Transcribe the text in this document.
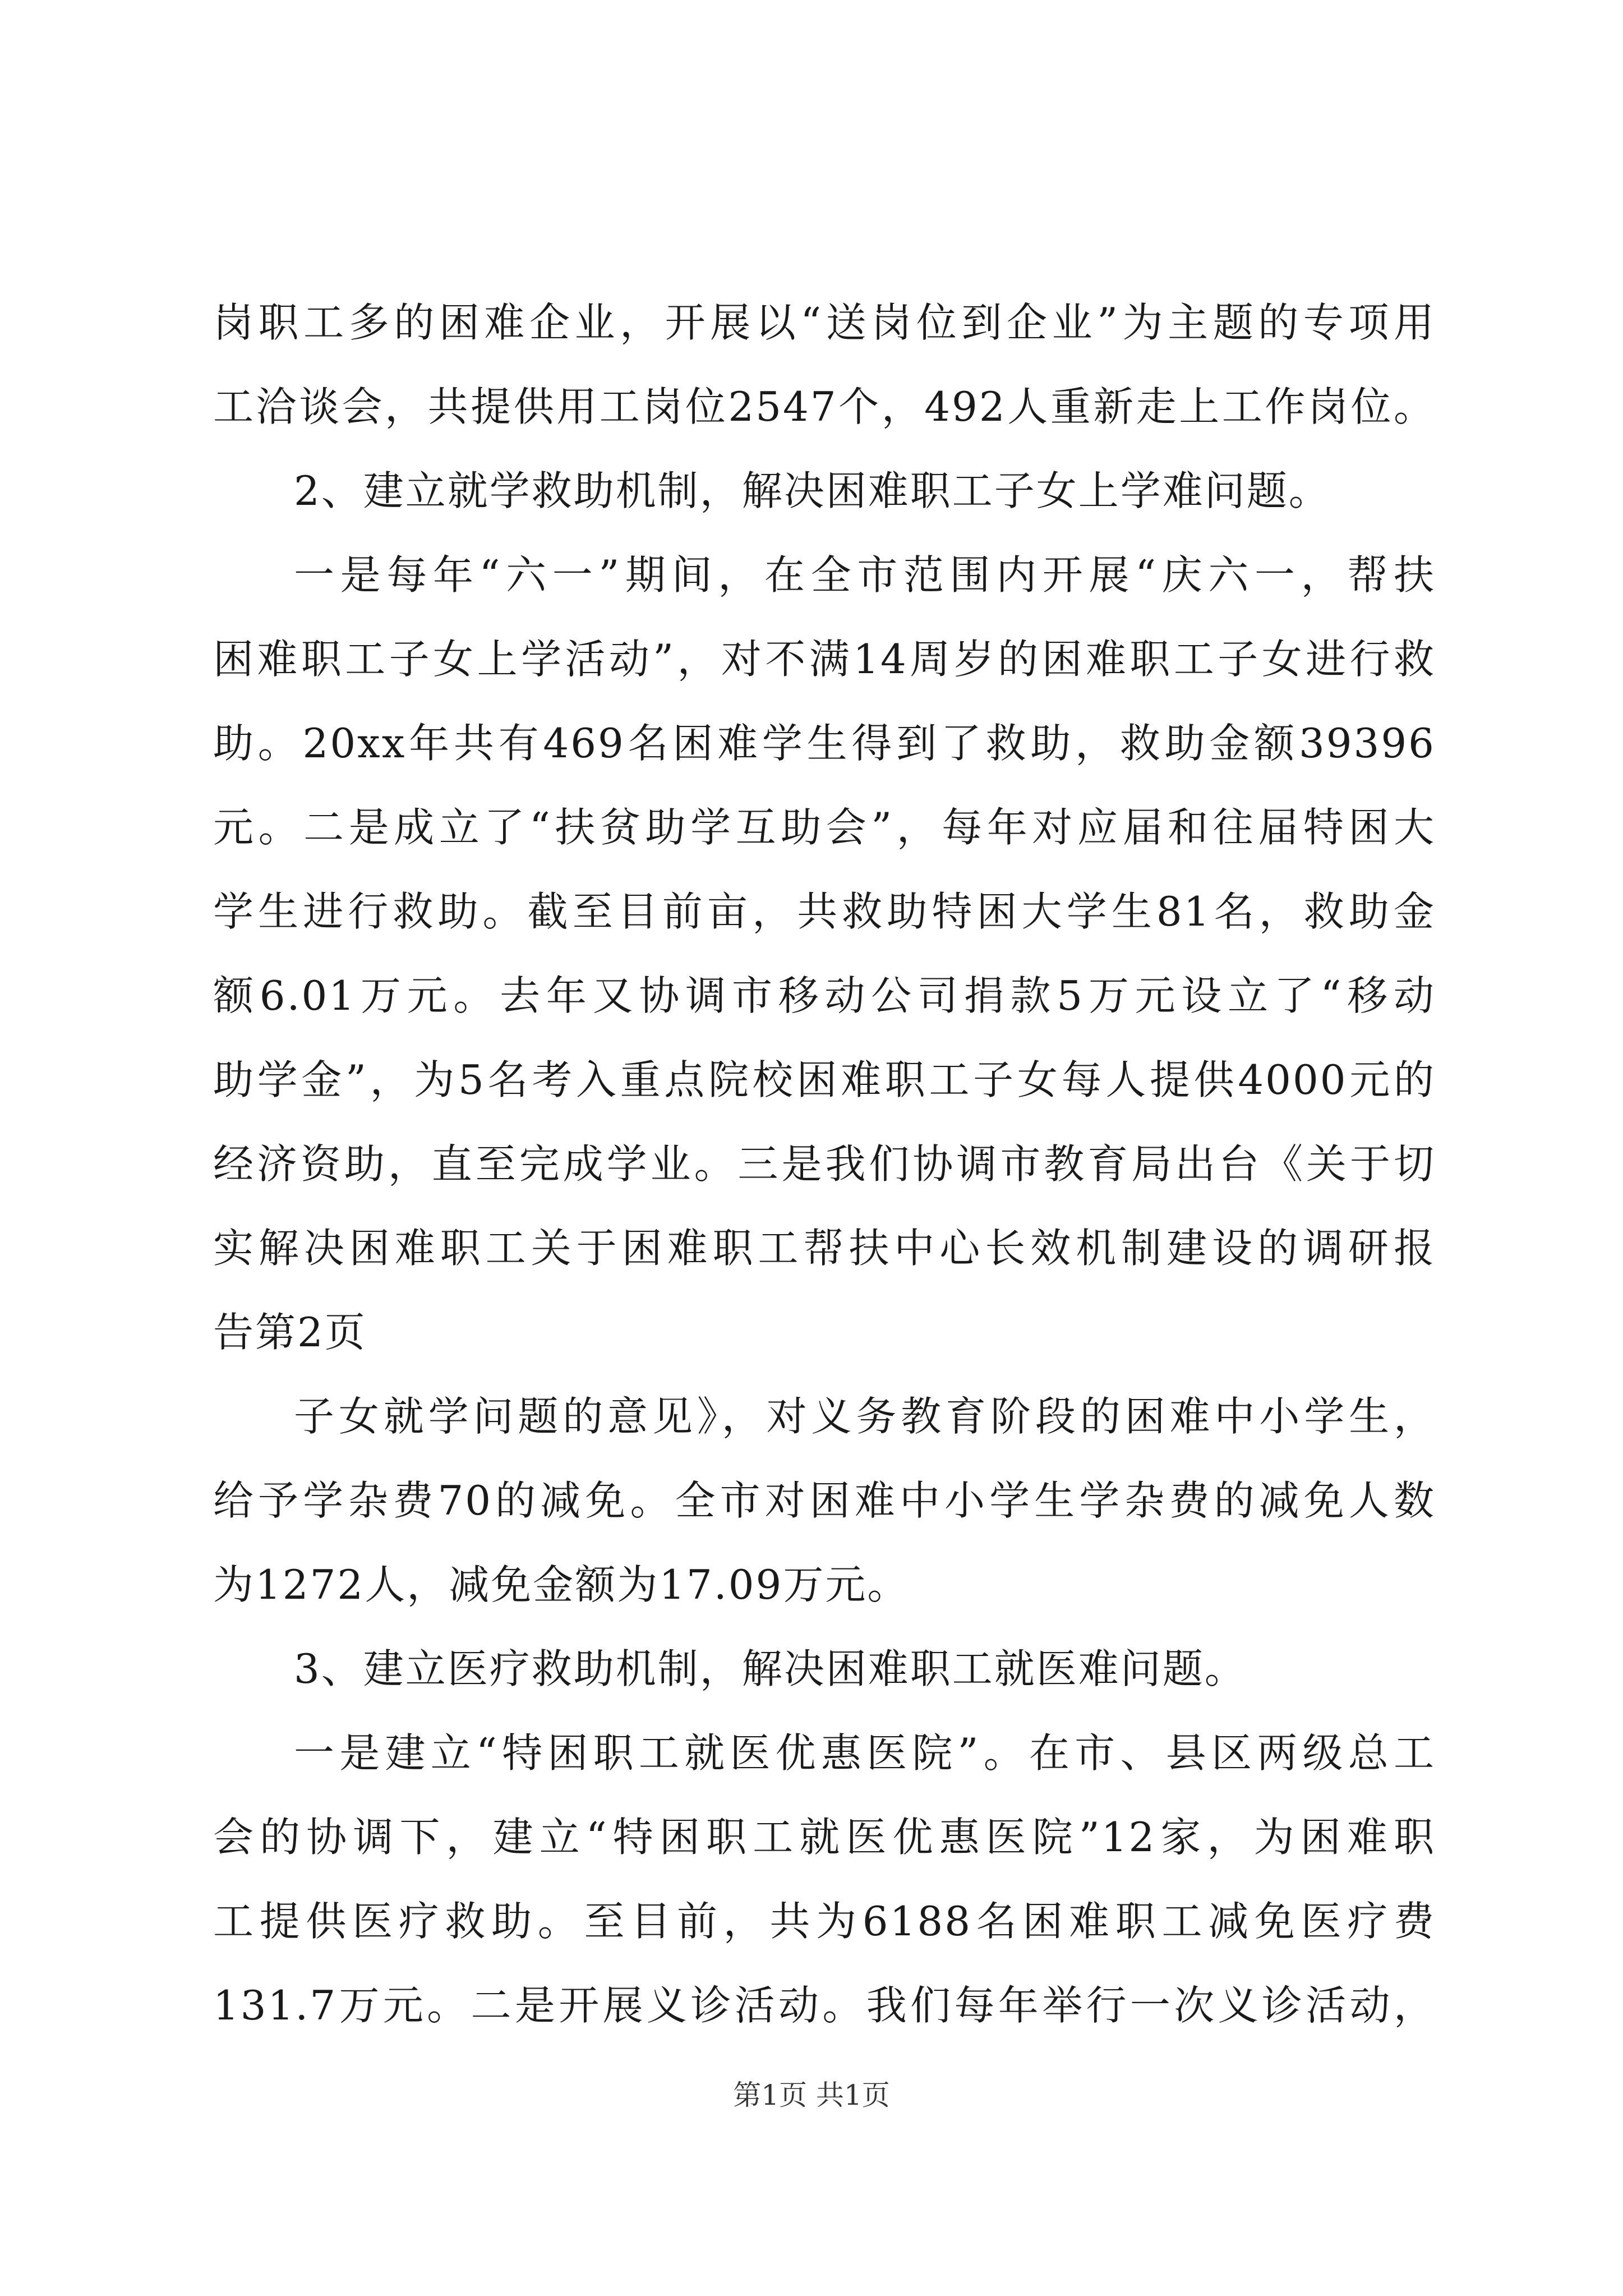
岗职工多的困难企业，开展以“送岗位到企业”为主题的专项用
工洽谈会，共提供用工岗位2547个，492人重新走上工作岗位。
2、建立就学救助机制，解决困难职工子女上学难问题。
一是每年“六一”期间，在全市范围内开展“庆六一，帮扶
困难职工子女上学活动”，对不满14周岁的困难职工子女进行救
助。20xx年共有469名困难学生得到了救助，救助金额39396
元。二是成立了“扶贫助学互助会”，每年对应届和往届特困大
学生进行救助。截至目前亩，共救助特困大学生81名，救助金
额6.01万元。去年又协调市移动公司捐款5万元设立了“移动
助学金”，为5名考入重点院校困难职工子女每人提供4000元的
经济资助，直至完成学业。三是我们协调市教育局出台《关于切
实解决困难职工关于困难职工帮扶中心长效机制建设的调研报
告第2页
子女就学问题的意见》，对义务教育阶段的困难中小学生，
给予学杂费70的减免。全市对困难中小学生学杂费的减免人数
为1272人，减免金额为17.09万元。
3、建立医疗救助机制，解决困难职工就医难问题。
一是建立“特困职工就医优惠医院”。在市、县区两级总工
会的协调下，建立“特困职工就医优惠医院”12家，为困难职
工提供医疗救助。至目前，共为6188名困难职工减免医疗费
131.7万元。二是开展义诊活动。我们每年举行一次义诊活动，
第1页 共1页
